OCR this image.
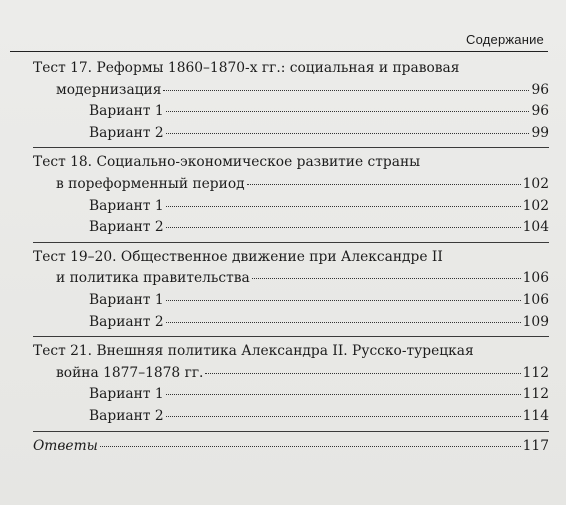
Содержание
Тест 17. Реформы 1860–1870-х гг.: социальная и правовая
модернизация	96
Вариант 1	96
Вариант 2	99
Тест 18. Социально-экономическое развитие страны
в пореформенный период	102
Вариант 1	102
Вариант 2	104
Тест 19–20. Общественное движение при Александре II
и политика правительства	106
Вариант 1	106
Вариант 2	109
Тест 21. Внешняя политика Александра II. Русско-турецкая
война 1877–1878 гг.	112
Вариант 1	112
Вариант 2	114
Ответы	117
